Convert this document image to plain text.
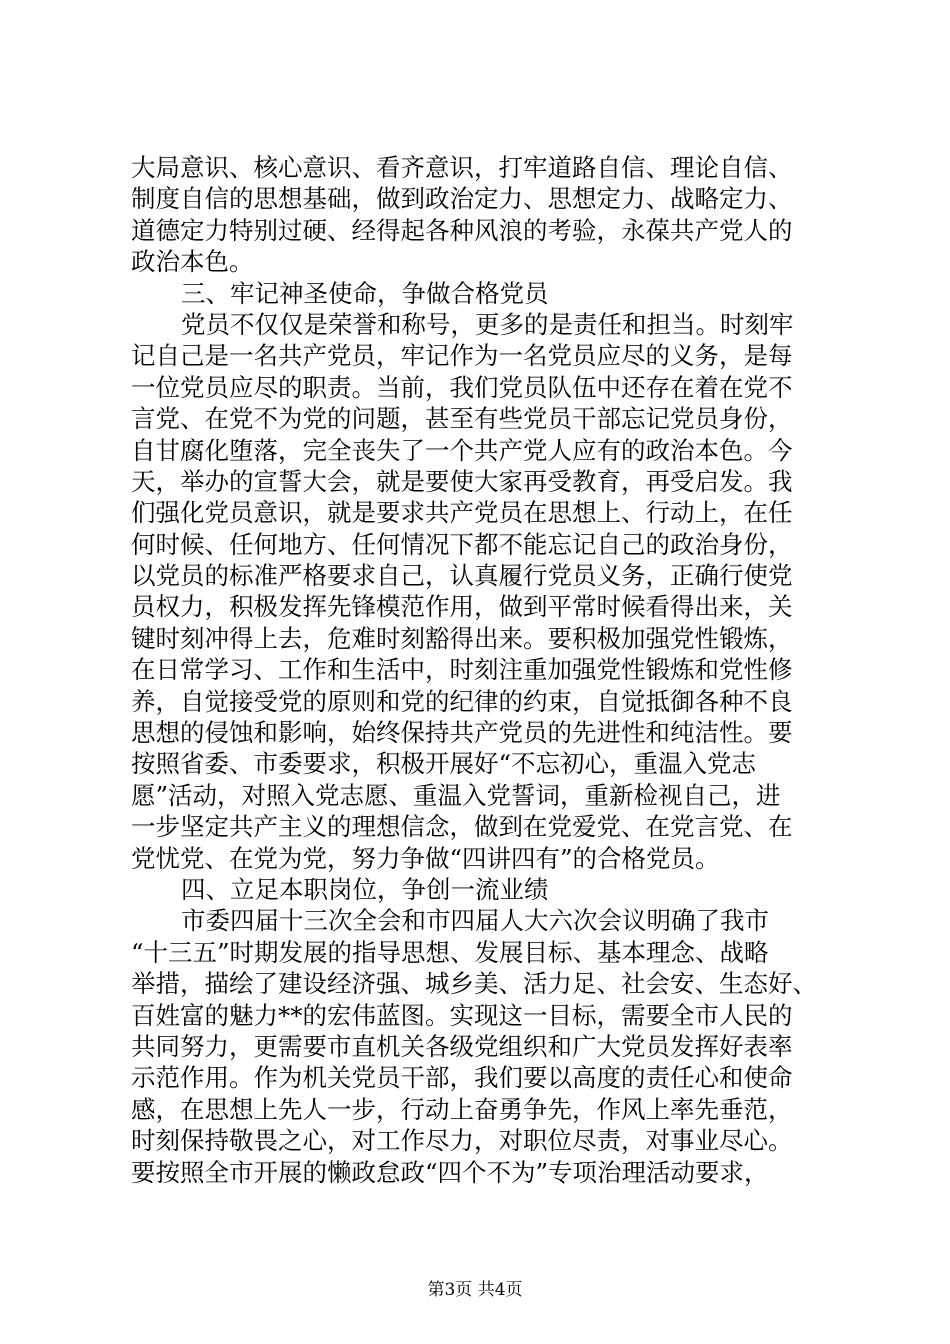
大局意识、核心意识、看齐意识，打牢道路自信、理论自信、
制度自信的思想基础，做到政治定力、思想定力、战略定力、
道德定力特别过硬、经得起各种风浪的考验，永葆共产党人的
政治本色。
三、牢记神圣使命，争做合格党员
党员不仅仅是荣誉和称号，更多的是责任和担当。时刻牢
记自己是一名共产党员，牢记作为一名党员应尽的义务，是每
一位党员应尽的职责。当前，我们党员队伍中还存在着在党不
言党、在党不为党的问题，甚至有些党员干部忘记党员身份，
自甘腐化堕落，完全丧失了一个共产党人应有的政治本色。今
天，举办的宣誓大会，就是要使大家再受教育，再受启发。我
们强化党员意识，就是要求共产党员在思想上、行动上，在任
何时候、任何地方、任何情况下都不能忘记自己的政治身份，
以党员的标准严格要求自己，认真履行党员义务，正确行使党
员权力，积极发挥先锋模范作用，做到平常时候看得出来，关
键时刻冲得上去，危难时刻豁得出来。要积极加强党性锻炼，
在日常学习、工作和生活中，时刻注重加强党性锻炼和党性修
养，自觉接受党的原则和党的纪律的约束，自觉抵御各种不良
思想的侵蚀和影响，始终保持共产党员的先进性和纯洁性。要
按照省委、市委要求，积极开展好“不忘初心，重温入党志
愿”活动，对照入党志愿、重温入党誓词，重新检视自己，进
一步坚定共产主义的理想信念，做到在党爱党、在党言党、在
党忧党、在党为党，努力争做“四讲四有”的合格党员。
四、立足本职岗位，争创一流业绩
市委四届十三次全会和市四届人大六次会议明确了我市
“十三五”时期发展的指导思想、发展目标、基本理念、战略
举措，描绘了建设经济强、城乡美、活力足、社会安、生态好、
百姓富的魅力**的宏伟蓝图。实现这一目标，需要全市人民的
共同努力，更需要市直机关各级党组织和广大党员发挥好表率
示范作用。作为机关党员干部，我们要以高度的责任心和使命
感，在思想上先人一步，行动上奋勇争先，作风上率先垂范，
时刻保持敬畏之心，对工作尽力，对职位尽责，对事业尽心。
要按照全市开展的懒政怠政“四个不为”专项治理活动要求，
第3页 共4页
